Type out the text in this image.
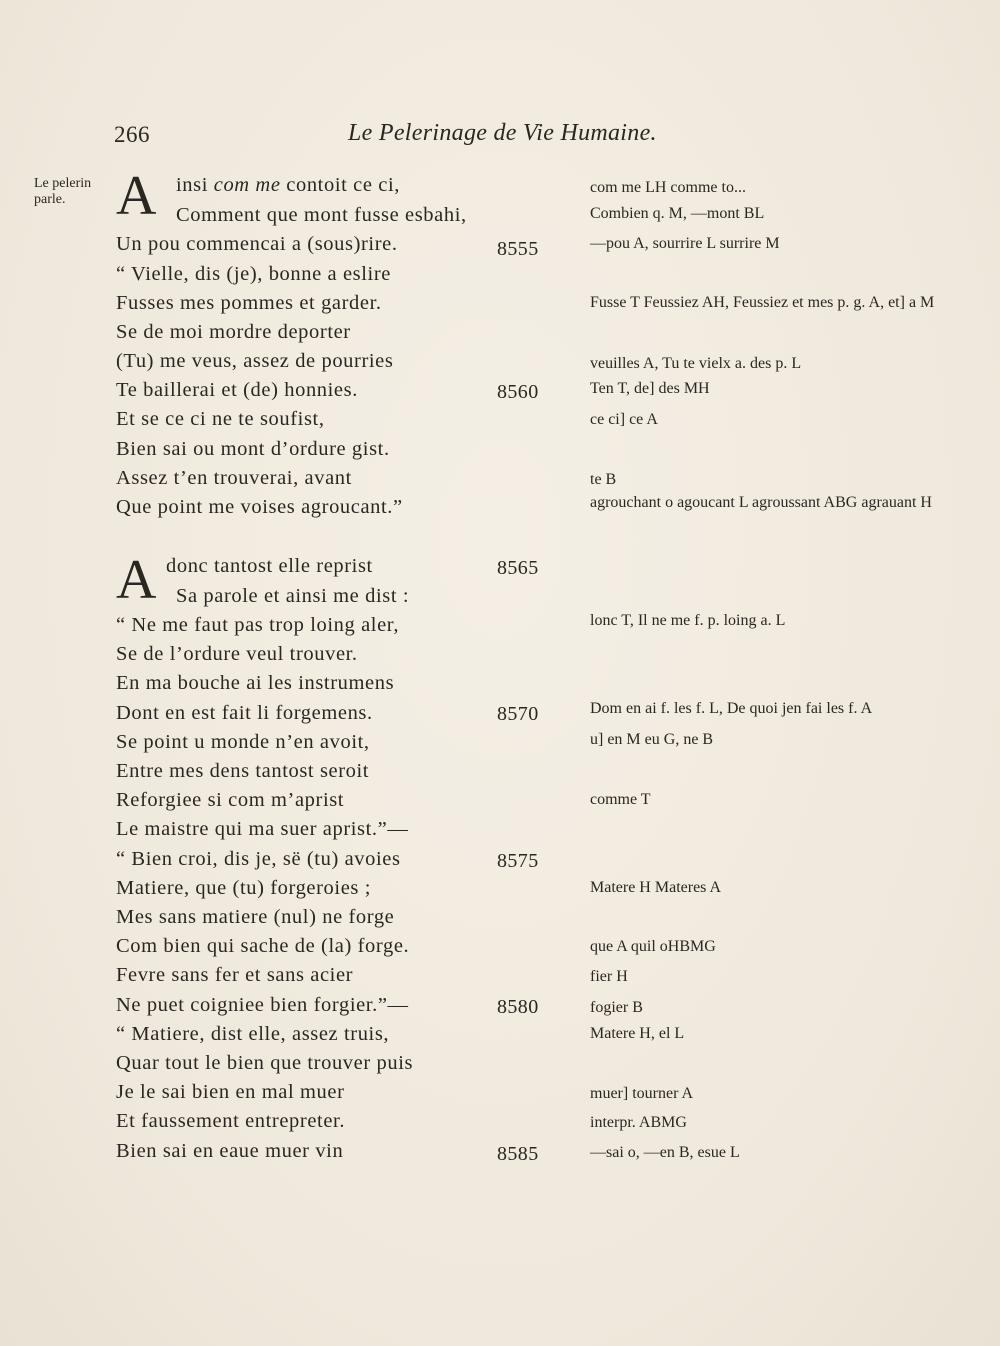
266	Le Pelerinage de Vie Humaine.
Le pelerin parle. A insi com me contoit ce ci,
Comment que mont fusse esbahi,
Un pou commencai a (sous)rire.
“ Vielle, dis (je), bonne a eslire
Fusses mes pommes et garder.
Se de moi mordre deporter
(Tu) me veus, assez de pourries
Te baillerai et (de) honnies.
Et se ce ci ne te soufist,
Bien sai ou mont d’ordure gist.
Assez t’en trouverai, avant
Que point me voises agroucant.”
A donc tantost elle reprist
Sa parole et ainsi me dist :
“ Ne me faut pas trop loing aler,
Se de l’ordure veul trouver.
En ma bouche ai les instrumens
Dont en est fait li forgemens.
Se point u monde n’en avoit,
Entre mes dens tantost seroit
Reforgiee si com m’aprist
Le maistre qui ma suer aprist.”—
“ Bien croi, dis je, së (tu) avoies
Matiere, que (tu) forgeroies ;
Mes sans matiere (nul) ne forge
Com bien qui sache de (la) forge.
Fevre sans fer et sans acier
Ne puet coigniee bien forgier.”—
“ Matiere, dist elle, assez truis,
Quar tout le bien que trouver puis
Je le sai bien en mal muer
Et faussement entrepreter.
Bien sai en eaue muer vin
8555
8560
8565
8570
8575
8580
8585
com me LH comme to...
Combien q. M, —mont BL
—pou A, sourrire L surrire M
Fusse T Feussiez AH, Feussiez et mes p. g. A, et] a M
veuilles A, Tu te vielx a. des p. L
Ten T, de] des MH
ce ci] ce A
te B
agrouchant o agoucant L agroussant ABG agrauant H
lonc T, Il ne me f. p. loing a. L
Dom en ai f. les f. L, De quoi jen fai les f. A
u] en M eu G, ne B
comme T
Matere H Materes A
que A quil oHBMG
fier H
fogier B
Matere H, el L
muer] tourner A
interpr. ABMG
—sai o, —en B, esue L
